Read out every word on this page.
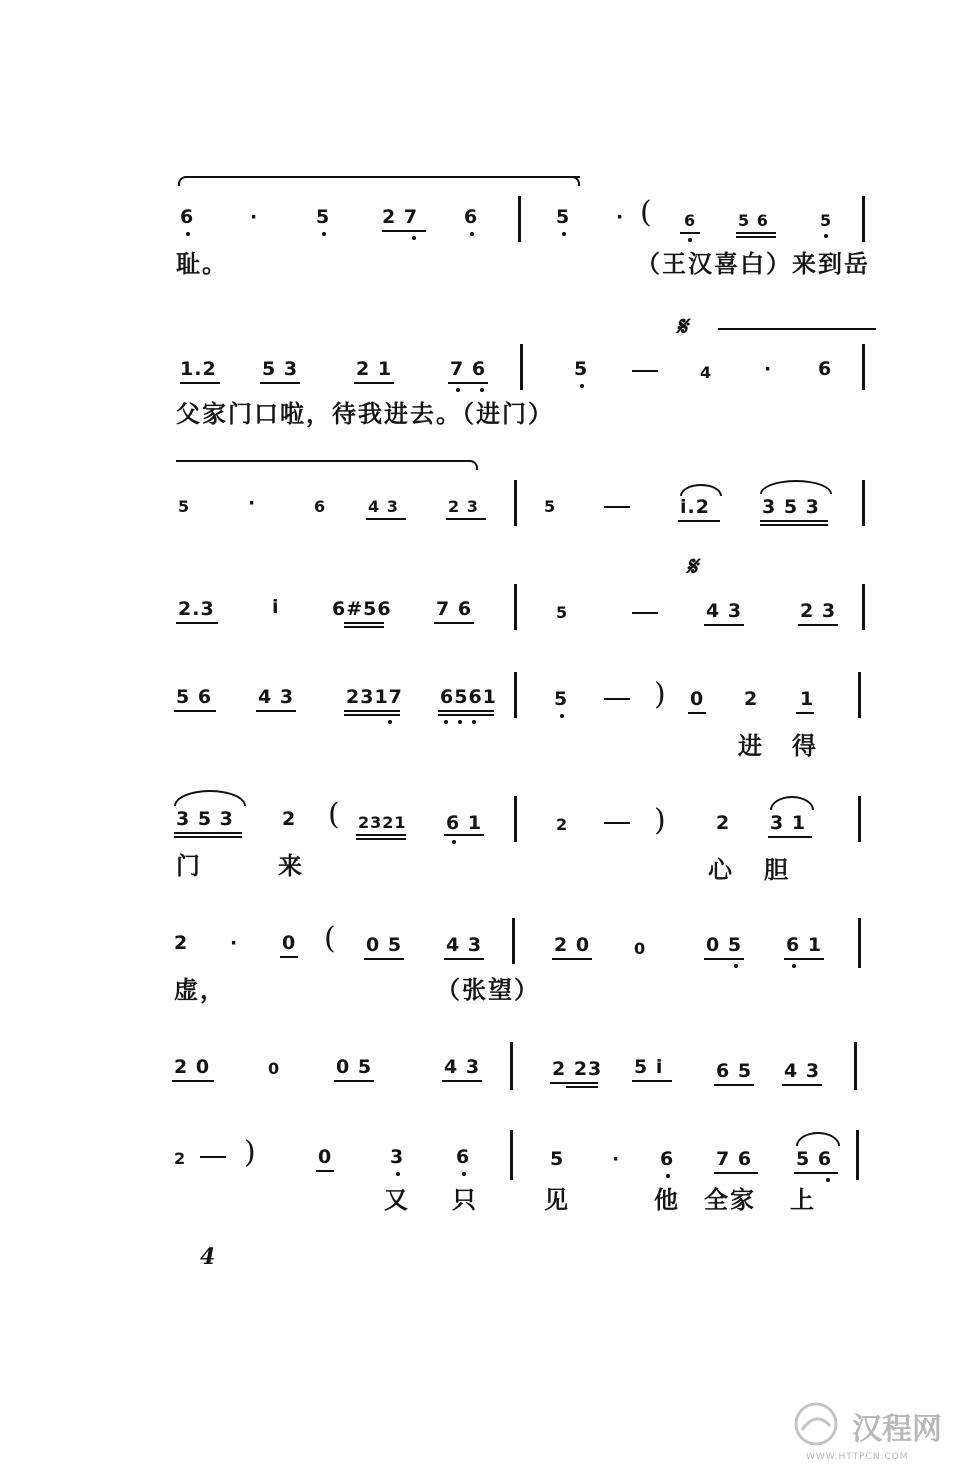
6	·	5	2 7 6	5 · ( 6	5 6	5
耻。	（王汉喜白）来到岳
𝄋
1.2 5 3	2 1	7 6	5	4	· 6
父家门口啦，待我进去。（进门）
5	·	6	4 3	2 3	5	i.2	3 5 3
𝄋
2.3	i	6#56 7 6	5	4 3	2 3
5 6 4 3	2317 6561	5	) 0 2 1
进 得
3 5 3	2 ( 2321 6 1	2	)	2 3 1
门	来	心 胆
2 · 0 ( 0 5 4 3	2 0	0	0 5 6 1
虚，	（张望）
2 0	0	0 5	4 3	2 23 5 i	6 5 4 3
2 )	0	3	6	5	· 6 7 6 5 6
又 只	见	他 全家 上
4
汉程网
WWW.HTTPCN.COM
